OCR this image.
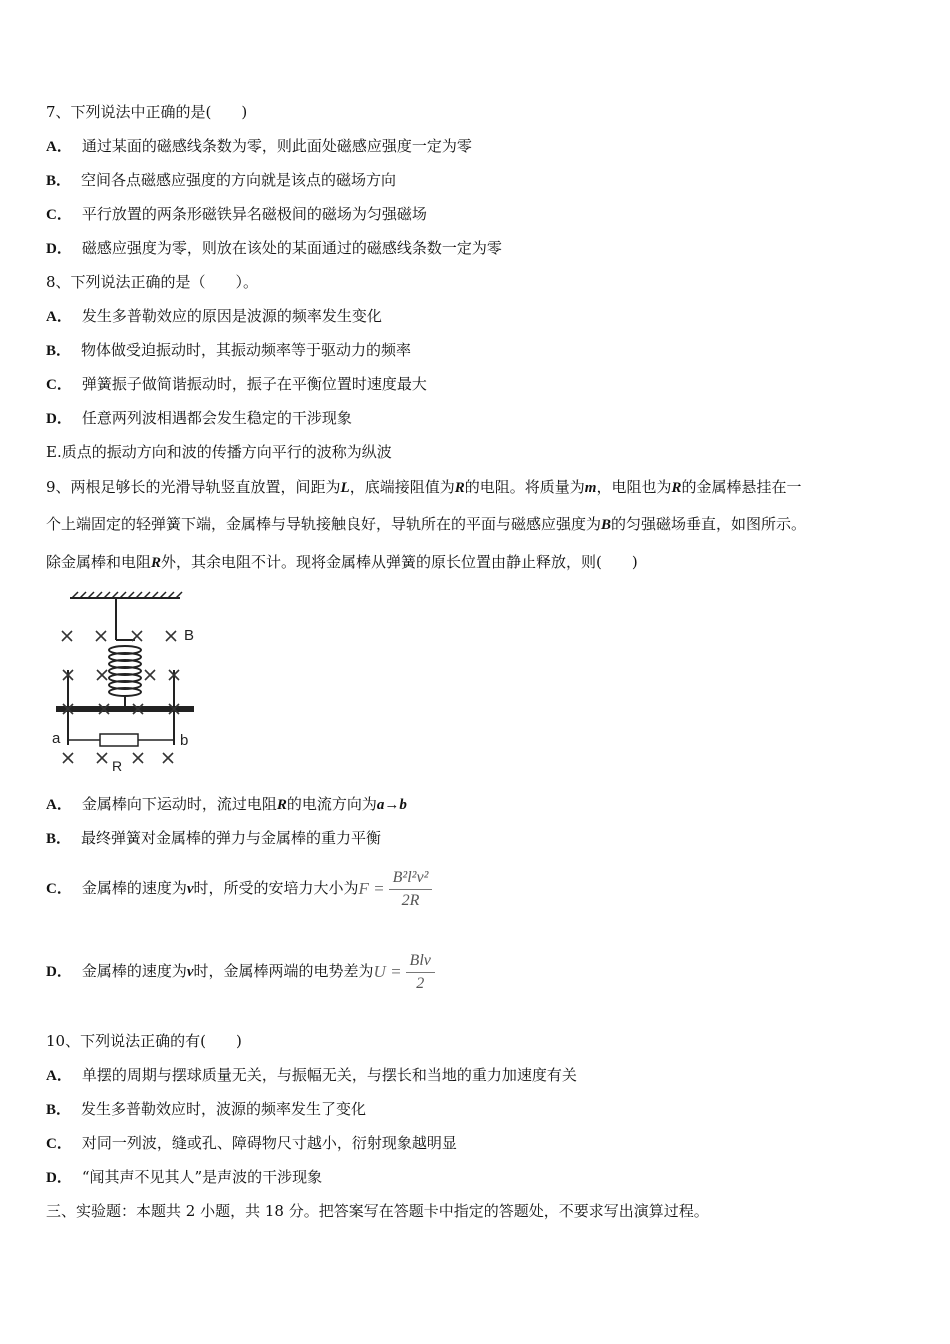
7、下列说法中正确的是(　　)
A． 通过某面的磁感线条数为零，则此面处磁感应强度一定为零
B． 空间各点磁感应强度的方向就是该点的磁场方向
C． 平行放置的两条形磁铁异名磁极间的磁场为匀强磁场
D． 磁感应强度为零，则放在该处的某面通过的磁感线条数一定为零
8、下列说法正确的是（　　）。
A． 发生多普勒效应的原因是波源的频率发生变化
B． 物体做受迫振动时，其振动频率等于驱动力的频率
C． 弹簧振子做简谐振动时，振子在平衡位置时速度最大
D． 任意两列波相遇都会发生稳定的干涉现象
E.质点的振动方向和波的传播方向平行的波称为纵波
9、两根足够长的光滑导轨竖直放置，间距为L，底端接阻值为R的电阻。将质量为m，电阻也为R的金属棒悬挂在一
个上端固定的轻弹簧下端，金属棒与导轨接触良好，导轨所在的平面与磁感应强度为B的匀强磁场垂直，如图所示。
除金属棒和电阻R外，其余电阻不计。现将金属棒从弹簧的原长位置由静止释放，则(　　)
B
a	b
R
A． 金属棒向下运动时，流过电阻R的电流方向为a→b
B． 最终弹簧对金属棒的弹力与金属棒的重力平衡
C． 金属棒的速度为v时，所受的安培力大小为$F = \frac{\text{B²l²v²}}{2R}$
D． 金属棒的速度为v时，金属棒两端的电势差为$U = \frac{\text{Blv}}{2}$
10、下列说法正确的有(　　)
A． 单摆的周期与摆球质量无关，与振幅无关，与摆长和当地的重力加速度有关
B． 发生多普勒效应时，波源的频率发生了变化
C． 对同一列波，缝或孔、障碍物尺寸越小，衍射现象越明显
D． “闻其声不见其人”是声波的干涉现象
三、实验题：本题共 2 小题，共 18 分。把答案写在答题卡中指定的答题处，不要求写出演算过程。
